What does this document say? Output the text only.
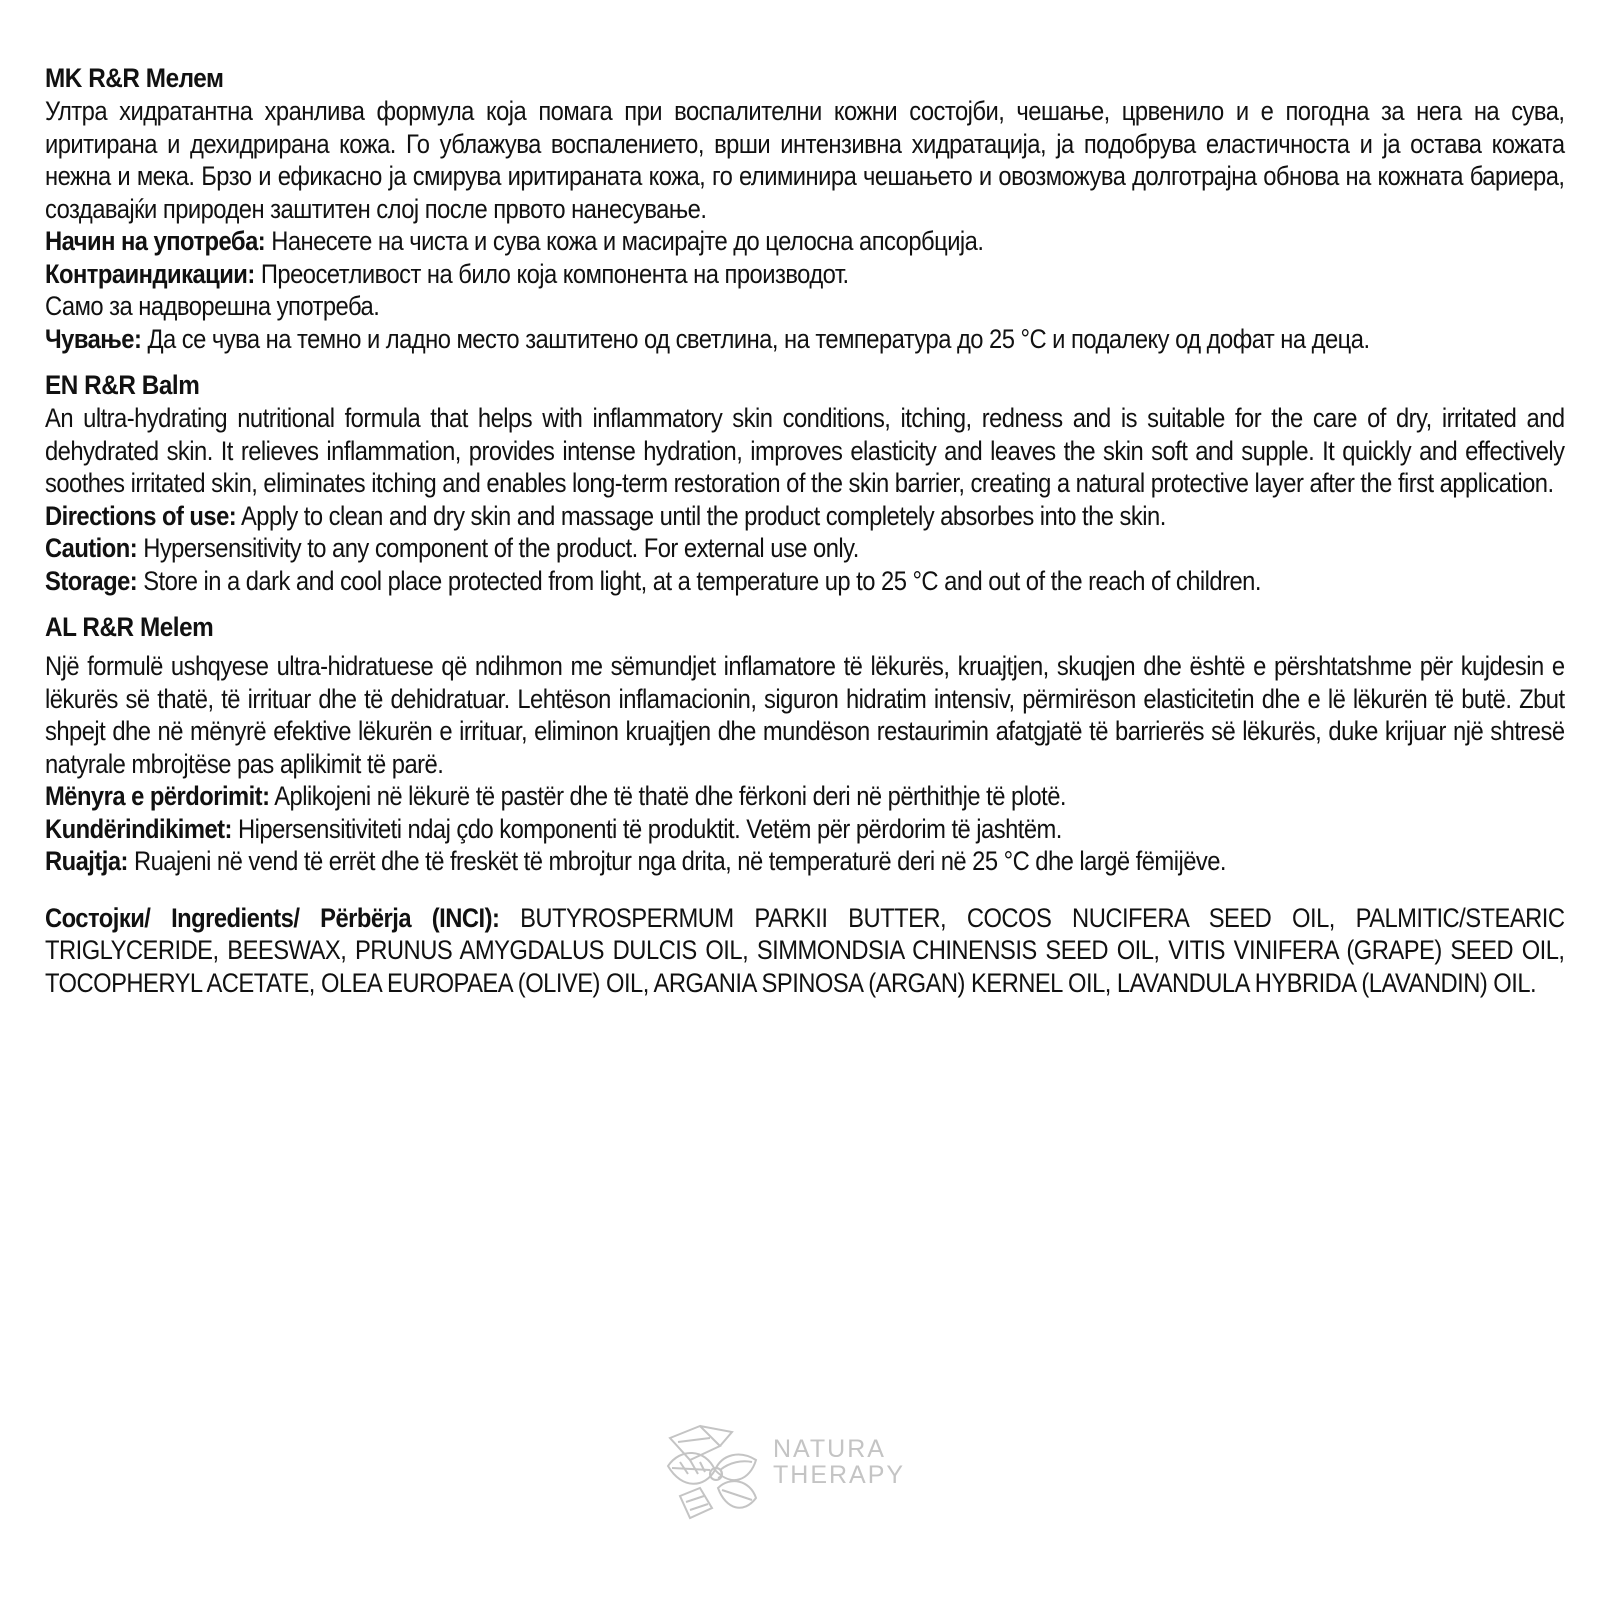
MK R&R Мелем
Ултра хидратантна хранлива формула која помага при воспалителни кожни состојби, чешање, црвенило и е погодна за нега на сува, иритирана и дехидрирана кожа. Го ублажува воспалението, врши интензивна хидратација, ја подобрува еластичноста и ја остава кожата нежна и мека. Брзо и ефикасно ја смирува иритираната кожа, го елиминира чешањето и овозможува долготрајна обнова на кожната бариера, создавајќи природен заштитен слој после првото нанесување.
Начин на употреба: Нанесете на чиста и сува кожа и масирајте до целосна апсорбција.
Контраиндикации: Преосетливост на било која компонента на производот.
Само за надворешна употреба.
Чување: Да се чува на темно и ладно место заштитено од светлина, на температура до 25 °C и подалеку од дофат на деца.
EN R&R Balm
An ultra-hydrating nutritional formula that helps with inflammatory skin conditions, itching, redness and is suitable for the care of dry, irritated and dehydrated skin. It relieves inflammation, provides intense hydration, improves elasticity and leaves the skin soft and supple. It quickly and effectively soothes irritated skin, eliminates itching and enables long-term restoration of the skin barrier, creating a natural protective layer after the first application.
Directions of use: Apply to clean and dry skin and massage until the product completely absorbes into the skin.
Caution: Hypersensitivity to any component of the product. For external use only.
Storage: Store in a dark and cool place protected from light, at a temperature up to 25 °C and out of the reach of children.
AL R&R Melem
Një formulë ushqyese ultra-hidratuese që ndihmon me sëmundjet inflamatore të lëkurës, kruajtjen, skuqjen dhe është e përshtatshme për kujdesin e lëkurës së thatë, të irrituar dhe të dehidratuar. Lehtëson inflamacionin, siguron hidratim intensiv, përmirëson elasticitetin dhe e lë lëkurën të butë. Zbut shpejt dhe në mënyrë efektive lëkurën e irrituar, eliminon kruajtjen dhe mundëson restaurimin afatgjatë të barrierës së lëkurës, duke krijuar një shtresë natyrale mbrojtëse pas aplikimit të parë.
Mënyra e përdorimit: Aplikojeni në lëkurë të pastër dhe të thatë dhe fërkoni deri në përthithje të plotë.
Kundërindikimet: Hipersensitiviteti ndaj çdo komponenti të produktit. Vetëm për përdorim të jashtëm.
Ruajtja: Ruajeni në vend të errët dhe të freskët të mbrojtur nga drita, në temperaturë deri në 25 °C dhe largë fëmijëve.
Состојки/ Ingredients/ Përbërja (INCI): BUTYROSPERMUM PARKII BUTTER, COCOS NUCIFERA SEED OIL, PALMITIC/STEARIC TRIGLYCERIDE, BEESWAX, PRUNUS AMYGDALUS DULCIS OIL, SIMMONDSIA CHINENSIS SEED OIL, VITIS VINIFERA (GRAPE) SEED OIL, TOCOPHERYL ACETATE, OLEA EUROPAEA (OLIVE) OIL, ARGANIA SPINOSA (ARGAN) KERNEL OIL, LAVANDULA HYBRIDA (LAVANDIN) OIL.
NATURA
THERAPY
